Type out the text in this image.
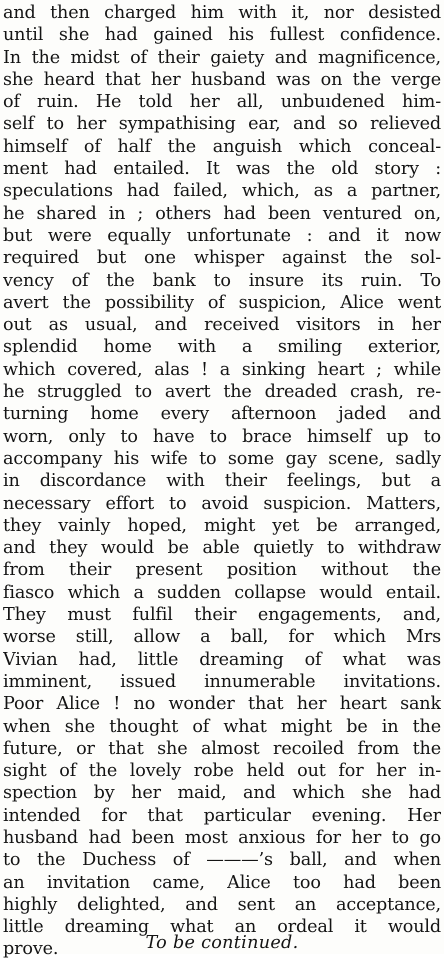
and then charged him with it, nor desisted
until she had gained his fullest confidence.
In the midst of their gaiety and magnificence,
she heard that her husband was on the verge
of ruin. He told her all, unbuıdened him-
self to her sympathising ear, and so relieved
himself of half the anguish which conceal-
ment had entailed. It was the old story :
speculations had failed, which, as a partner,
he shared in ; others had been ventured on,
but were equally unfortunate : and it now
required but one whisper against the sol-
vency of the bank to insure its ruin. To
avert the possibility of suspicion, Alice went
out as usual, and received visitors in her
splendid home with a smiling exterior,
which covered, alas ! a sinking heart ; while
he struggled to avert the dreaded crash, re-
turning home every afternoon jaded and
worn, only to have to brace himself up to
accompany his wife to some gay scene, sadly
in discordance with their feelings, but a
necessary effort to avoid suspicion. Matters,
they vainly hoped, might yet be arranged,
and they would be able quietly to withdraw
from their present position without the
fiasco which a sudden collapse would entail.
They must fulfil their engagements, and,
worse still, allow a ball, for which Mrs
Vivian had, little dreaming of what was
imminent, issued innumerable invitations.
Poor Alice ! no wonder that her heart sank
when she thought of what might be in the
future, or that she almost recoiled from the
sight of the lovely robe held out for her in-
spection by her maid, and which she had
intended for that particular evening. Her
husband had been most anxious for her to go
to the Duchess of ———’s ball, and when
an invitation came, Alice too had been
highly delighted, and sent an acceptance,
little dreaming what an ordeal it would
prove.	To be continued.
